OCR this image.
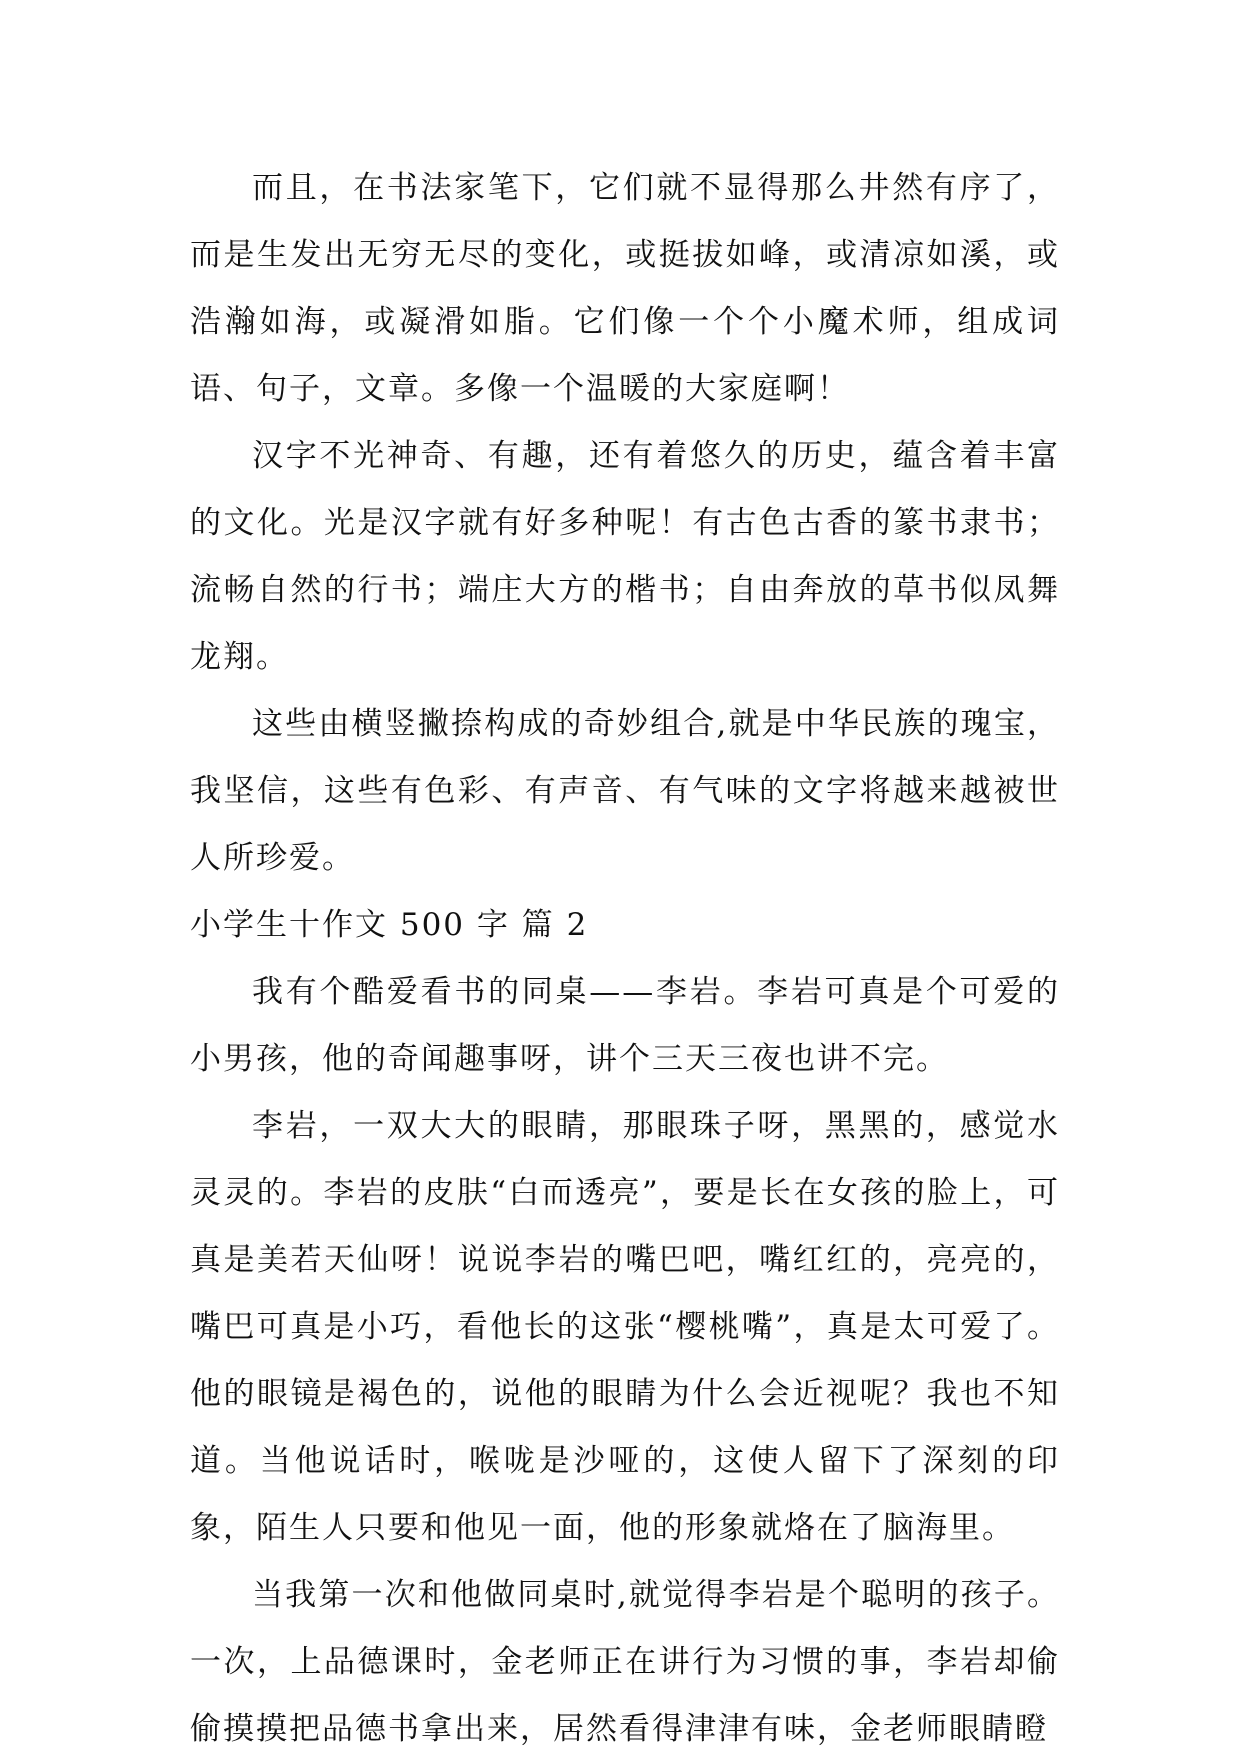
而且，在书法家笔下，它们就不显得那么井然有序了，而是生发出无穷无尽的变化，或挺拔如峰，或清凉如溪，或浩瀚如海，或凝滑如脂。它们像一个个小魔术师，组成词语、句子，文章。多像一个温暖的大家庭啊！

汉字不光神奇、有趣，还有着悠久的历史，蕴含着丰富的文化。光是汉字就有好多种呢！有古色古香的篆书隶书；流畅自然的行书；端庄大方的楷书；自由奔放的草书似凤舞龙翔。

这些由横竖撇捺构成的奇妙组合,就是中华民族的瑰宝，我坚信，这些有色彩、有声音、有气味的文字将越来越被世人所珍爱。

小学生十作文 500 字 篇 2

我有个酷爱看书的同桌——李岩。李岩可真是个可爱的小男孩，他的奇闻趣事呀，讲个三天三夜也讲不完。

李岩，一双大大的眼睛，那眼珠子呀，黑黑的，感觉水灵灵的。李岩的皮肤“白而透亮”，要是长在女孩的脸上，可真是美若天仙呀！说说李岩的嘴巴吧，嘴红红的，亮亮的，嘴巴可真是小巧，看他长的这张“樱桃嘴”，真是太可爱了。他的眼镜是褐色的，说他的眼睛为什么会近视呢？我也不知道。当他说话时，喉咙是沙哑的，这使人留下了深刻的印象，陌生人只要和他见一面，他的形象就烙在了脑海里。

当我第一次和他做同桌时,就觉得李岩是个聪明的孩子。一次，上品德课时，金老师正在讲行为习惯的事，李岩却偷偷摸摸把品德书拿出来，居然看得津津有味，金老师眼睛瞪
